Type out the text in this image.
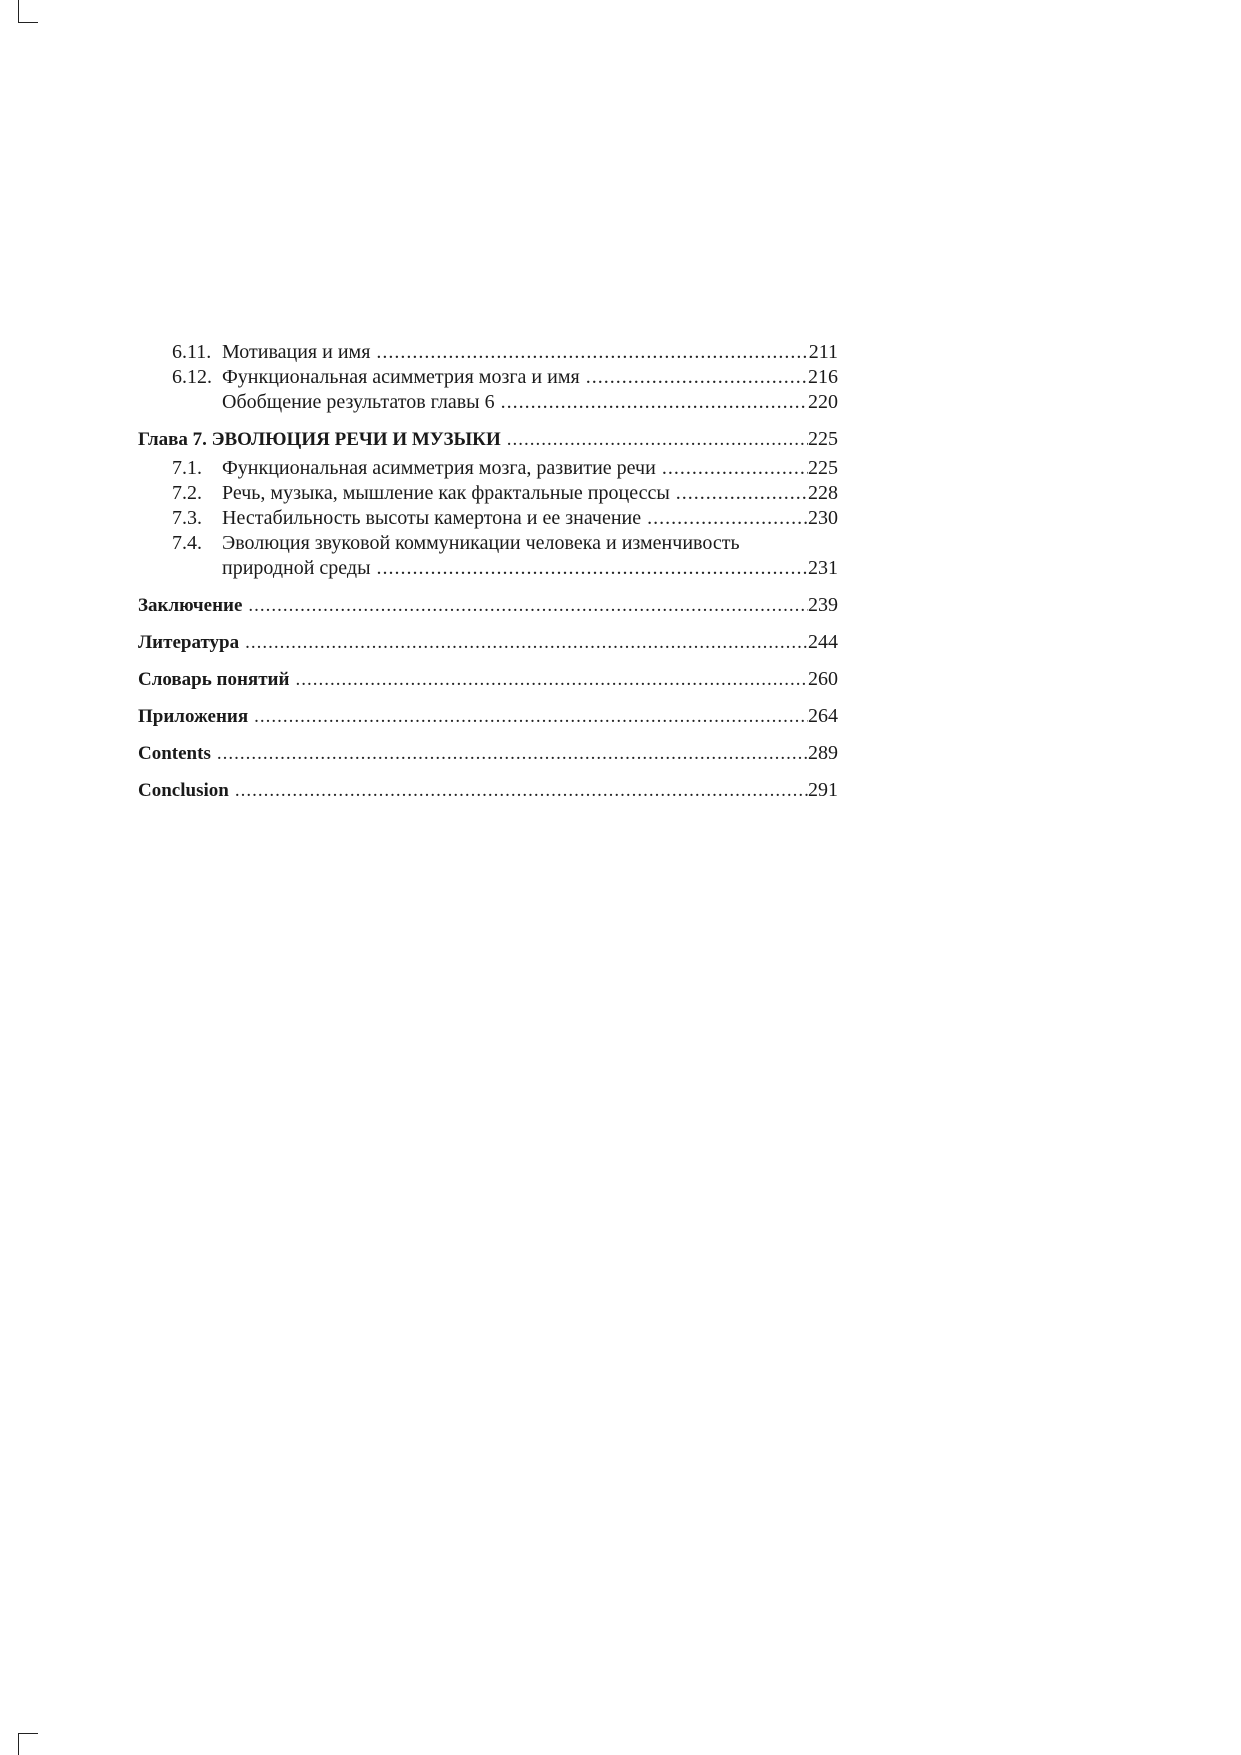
6.11. Мотивация и имя .....	211
6.12. Функциональная асимметрия мозга и имя .....	216
Обобщение результатов главы 6 .....	220
Глава 7. ЭВОЛЮЦИЯ РЕЧИ И МУЗЫКИ .....	225
7.1.	Функциональная асимметрия мозга, развитие речи .....	225
7.2.	Речь, музыка, мышление как фрактальные процессы .....	228
7.3.	Нестабильность высоты камертона и ее значение .....	230
7.4.	Эволюция звуковой коммуникации человека и изменчивость
природной среды .....	231
Заключение .....	239
Литература .....	244
Словарь понятий .....	260
Приложения .....	264
Contents .....	289
Conclusion .....	291
